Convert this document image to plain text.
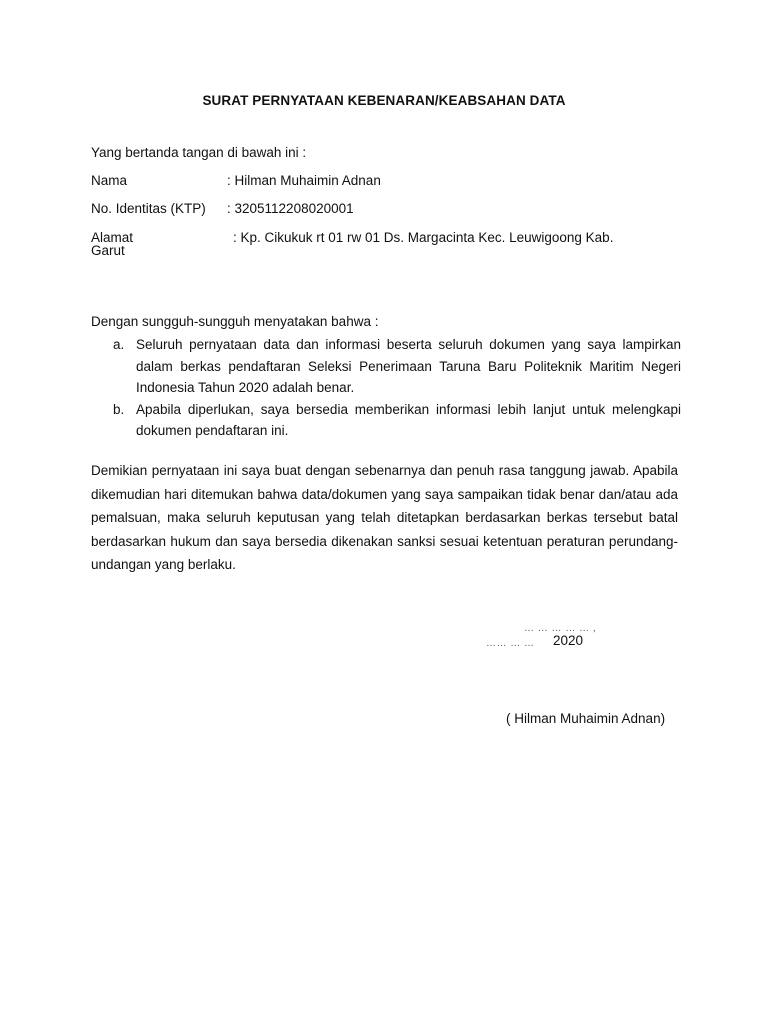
SURAT PERNYATAAN KEBENARAN/KEABSAHAN DATA
Yang bertanda tangan di bawah ini :
Nama	: Hilman Muhaimin Adnan
No. Identitas (KTP) : 3205112208020001
Alamat	: Kp. Cikukuk rt 01 rw 01 Ds. Margacinta Kec. Leuwigoong Kab.
Garut
Dengan sungguh-sungguh menyatakan bahwa :
a. Seluruh pernyataan data dan informasi beserta seluruh dokumen yang saya lampirkan dalam berkas pendaftaran Seleksi Penerimaan Taruna Baru Politeknik Maritim Negeri Indonesia Tahun 2020 adalah benar.
b. Apabila diperlukan, saya bersedia memberikan informasi lebih lanjut untuk melengkapi dokumen pendaftaran ini.
Demikian pernyataan ini saya buat dengan sebenarnya dan penuh rasa tanggung jawab. Apabila dikemudian hari ditemukan bahwa data/dokumen yang saya sampaikan tidak benar dan/atau ada pemalsuan, maka seluruh keputusan yang telah ditetapkan berdasarkan berkas tersebut batal berdasarkan hukum dan saya bersedia dikenakan sanksi sesuai ketentuan peraturan perundang-undangan yang berlaku.
… … … … … ,
…… … … 2020
( Hilman Muhaimin Adnan)
